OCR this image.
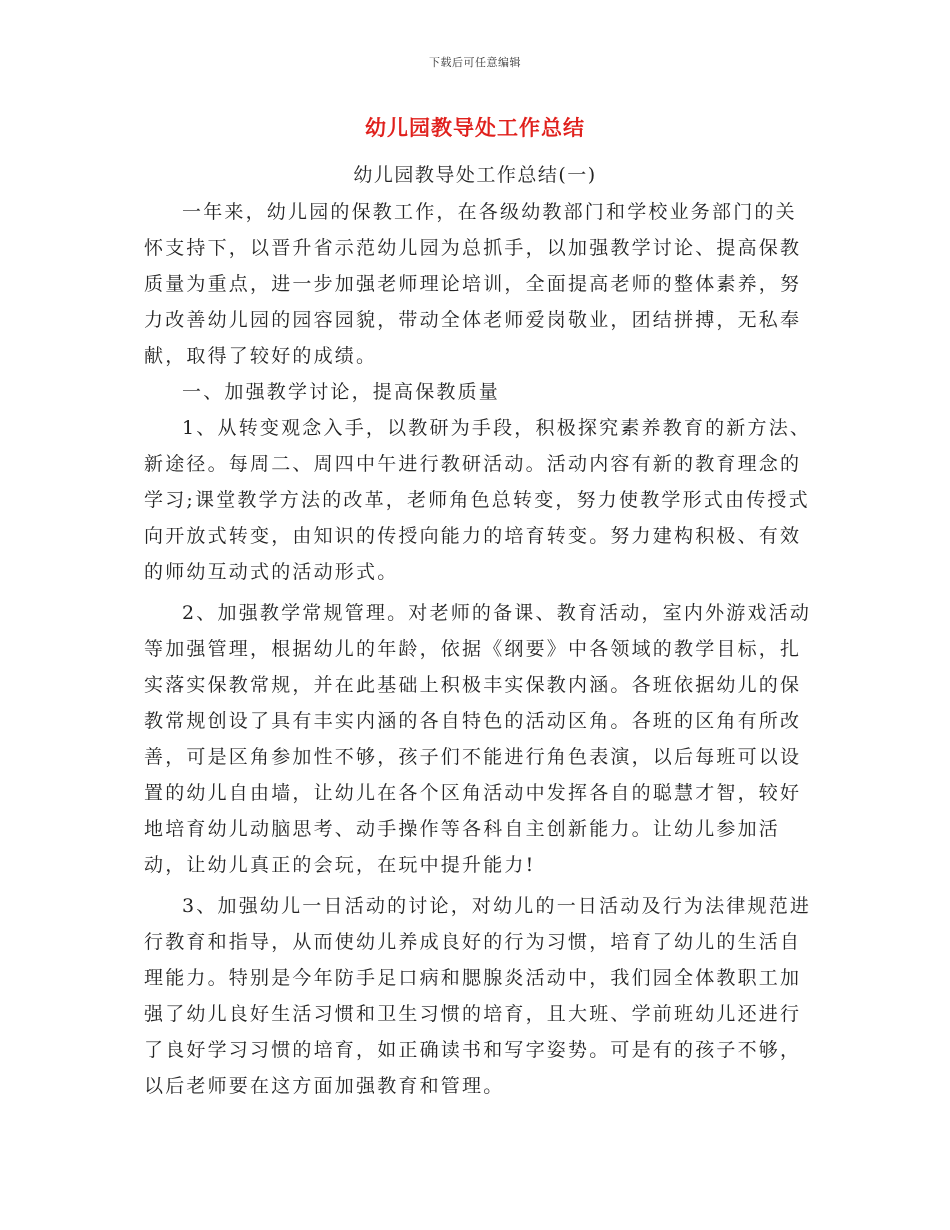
下载后可任意编辑
幼儿园教导处工作总结
幼儿园教导处工作总结(一)

一年来，幼儿园的保教工作，在各级幼教部门和学校业务部门的关怀支持下，以晋升省示范幼儿园为总抓手，以加强教学讨论、提高保教质量为重点，进一步加强老师理论培训，全面提高老师的整体素养，努力改善幼儿园的园容园貌，带动全体老师爱岗敬业，团结拼搏，无私奉献，取得了较好的成绩。

一、加强教学讨论，提高保教质量

1、从转变观念入手，以教研为手段，积极探究素养教育的新方法、新途径。每周二、周四中午进行教研活动。活动内容有新的教育理念的学习;课堂教学方法的改革，老师角色总转变，努力使教学形式由传授式向开放式转变，由知识的传授向能力的培育转变。努力建构积极、有效的师幼互动式的活动形式。

2、加强教学常规管理。对老师的备课、教育活动，室内外游戏活动等加强管理，根据幼儿的年龄，依据《纲要》中各领域的教学目标，扎实落实保教常规，并在此基础上积极丰实保教内涵。各班依据幼儿的保教常规创设了具有丰实内涵的各自特色的活动区角。各班的区角有所改善，可是区角参加性不够，孩子们不能进行角色表演，以后每班可以设置的幼儿自由墙，让幼儿在各个区角活动中发挥各自的聪慧才智，较好地培育幼儿动脑思考、动手操作等各科自主创新能力。让幼儿参加活动，让幼儿真正的会玩，在玩中提升能力!

3、加强幼儿一日活动的讨论，对幼儿的一日活动及行为法律规范进行教育和指导，从而使幼儿养成良好的行为习惯，培育了幼儿的生活自理能力。特别是今年防手足口病和腮腺炎活动中，我们园全体教职工加强了幼儿良好生活习惯和卫生习惯的培育，且大班、学前班幼儿还进行了良好学习习惯的培育，如正确读书和写字姿势。可是有的孩子不够，以后老师要在这方面加强教育和管理。
